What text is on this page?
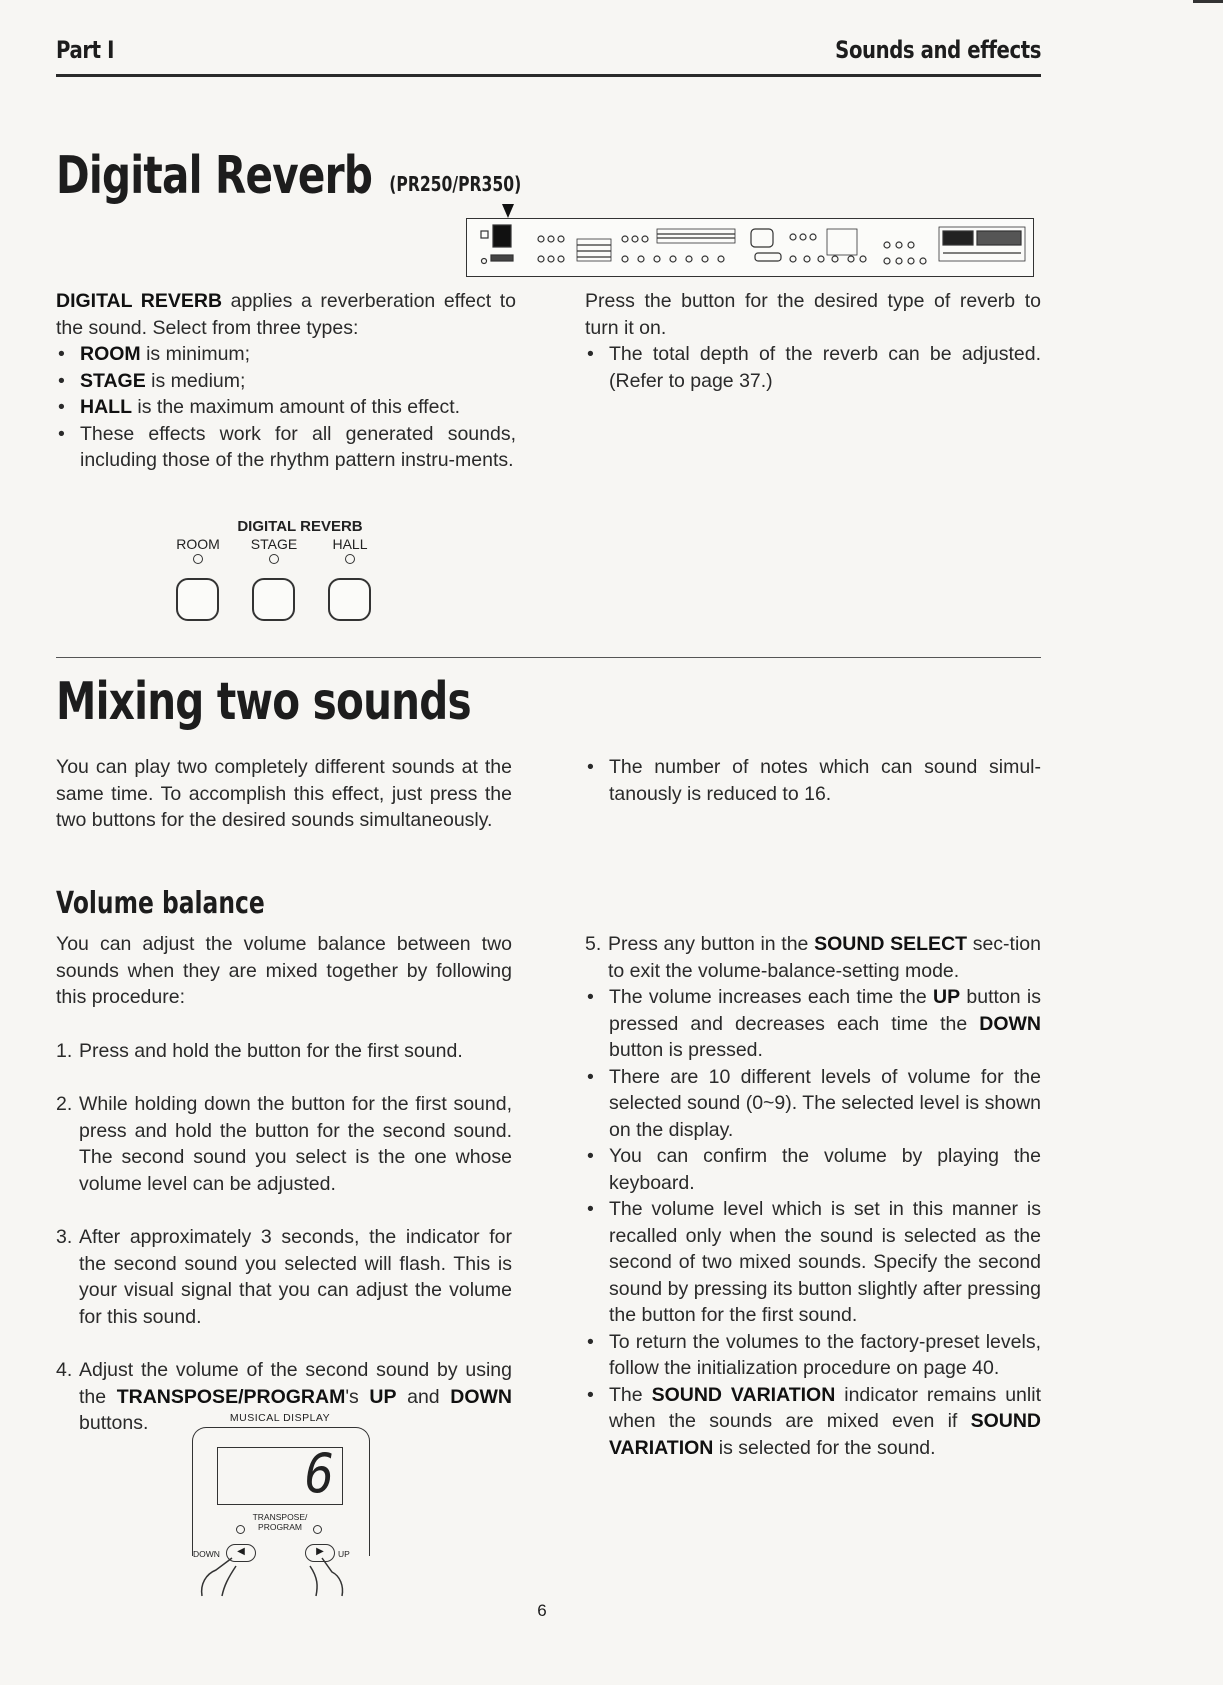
Part I	Sounds and effects
Digital Reverb (PR250/PR350)

DIGITAL REVERB applies a reverberation effect to the sound. Select from three types:

• ROOM is minimum;
• STAGE is medium;
• HALL is the maximum amount of this effect.
• These effects work for all generated sounds, including those of the rhythm pattern instru-ments.

Press the button for the desired type of reverb to turn it on.

• The total depth of the reverb can be adjusted. (Refer to page 37.)
DIGITAL REVERB
ROOM	STAGE	HALL
Mixing two sounds

You can play two completely different sounds at the same time. To accomplish this effect, just press the two buttons for the desired sounds simultaneously.

• The number of notes which can sound simul-tanously is reduced to 16.
Volume balance

You can adjust the volume balance between two sounds when they are mixed together by following this procedure:

1. Press and hold the button for the first sound.
2. While holding down the button for the first sound, press and hold the button for the second sound. The second sound you select is the one whose volume level can be adjusted.
3. After approximately 3 seconds, the indicator for the second sound you selected will flash. This is your visual signal that you can adjust the volume for this sound.
4. Adjust the volume of the second sound by using the TRANSPOSE/PROGRAM's UP and DOWN buttons.
5. Press any button in the SOUND SELECT sec-tion to exit the volume-balance-setting mode.
• The volume increases each time the UP button is pressed and decreases each time the DOWN button is pressed.
• There are 10 different levels of volume for the selected sound (0~9). The selected level is shown on the display.
• You can confirm the volume by playing the keyboard.
• The volume level which is set in this manner is recalled only when the sound is selected as the second of two mixed sounds. Specify the second sound by pressing its button slightly after pressing the button for the first sound.
• To return the volumes to the factory-preset levels, follow the initialization procedure on page 40.
• The SOUND VARIATION indicator remains unlit when the sounds are mixed even if SOUND VARIATION is selected for the sound.
MUSICAL DISPLAY
6
TRANSPOSE/
PROGRAM
DOWN	◀	▶	UP
6
